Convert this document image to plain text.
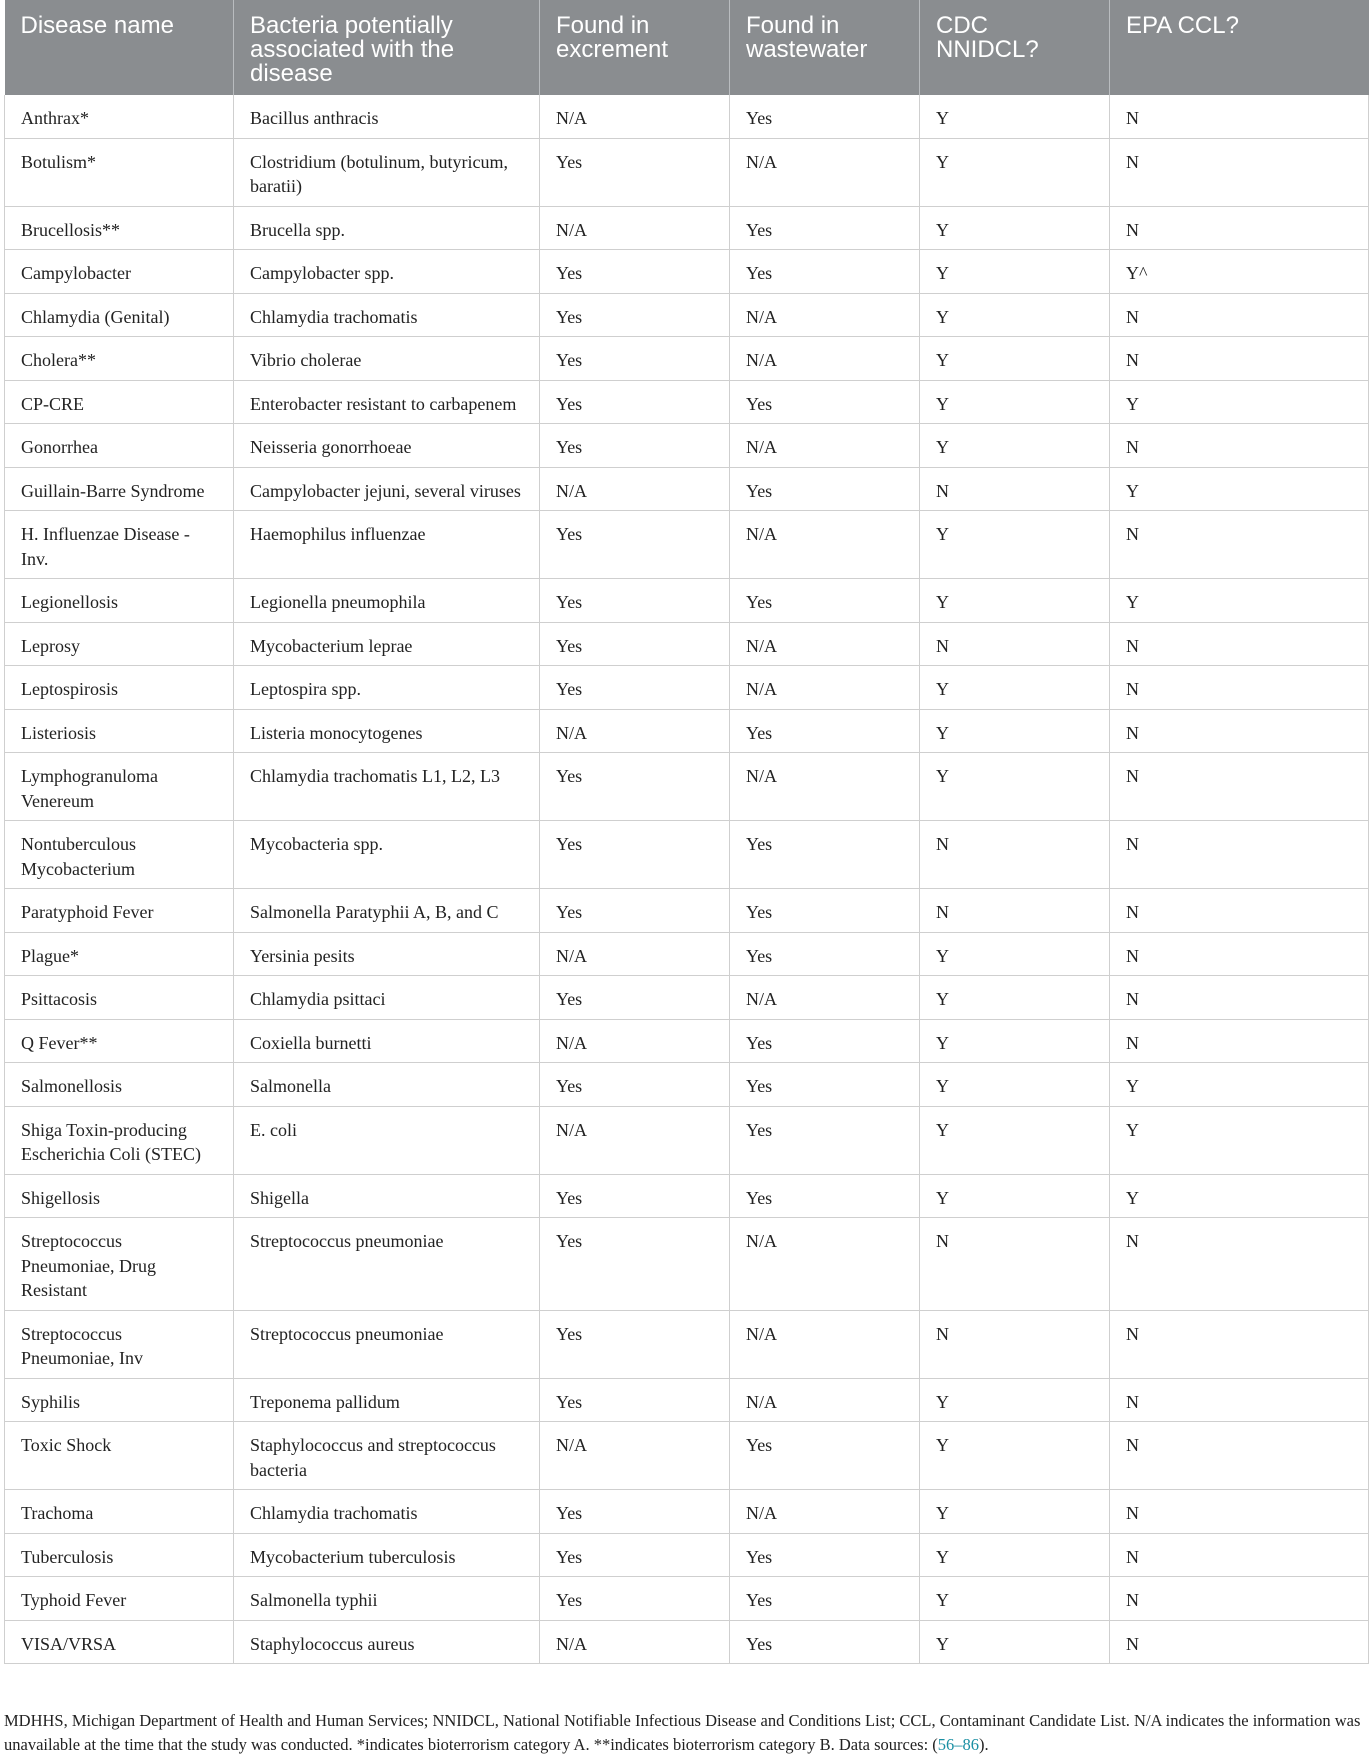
Disease name	Bacteria potentially associated with the disease	Found in excrement	Found in wastewater	CDC NNIDCL?	EPA CCL?
Anthrax*	Bacillus anthracis	N/A	Yes	Y	N
Botulism*	Clostridium (botulinum, butyricum, baratii)	Yes	N/A	Y	N
Brucellosis**	Brucella spp.	N/A	Yes	Y	N
Campylobacter	Campylobacter spp.	Yes	Yes	Y	Y^
Chlamydia (Genital)	Chlamydia trachomatis	Yes	N/A	Y	N
Cholera**	Vibrio cholerae	Yes	N/A	Y	N
CP-CRE	Enterobacter resistant to carbapenem	Yes	Yes	Y	Y
Gonorrhea	Neisseria gonorrhoeae	Yes	N/A	Y	N
Guillain-Barre Syndrome	Campylobacter jejuni, several viruses	N/A	Yes	N	Y
H. Influenzae Disease - Inv.	Haemophilus influenzae	Yes	N/A	Y	N
Legionellosis	Legionella pneumophila	Yes	Yes	Y	Y
Leprosy	Mycobacterium leprae	Yes	N/A	N	N
Leptospirosis	Leptospira spp.	Yes	N/A	Y	N
Listeriosis	Listeria monocytogenes	N/A	Yes	Y	N
Lymphogranuloma Venereum	Chlamydia trachomatis L1, L2, L3	Yes	N/A	Y	N
Nontuberculous Mycobacterium	Mycobacteria spp.	Yes	Yes	N	N
Paratyphoid Fever	Salmonella Paratyphii A, B, and C	Yes	Yes	N	N
Plague*	Yersinia pesits	N/A	Yes	Y	N
Psittacosis	Chlamydia psittaci	Yes	N/A	Y	N
Q Fever**	Coxiella burnetti	N/A	Yes	Y	N
Salmonellosis	Salmonella	Yes	Yes	Y	Y
Shiga Toxin-producing Escherichia Coli (STEC)	E. coli	N/A	Yes	Y	Y
Shigellosis	Shigella	Yes	Yes	Y	Y
Streptococcus Pneumoniae, Drug Resistant	Streptococcus pneumoniae	Yes	N/A	N	N
Streptococcus Pneumoniae, Inv	Streptococcus pneumoniae	Yes	N/A	N	N
Syphilis	Treponema pallidum	Yes	N/A	Y	N
Toxic Shock	Staphylococcus and streptococcus bacteria	N/A	Yes	Y	N
Trachoma	Chlamydia trachomatis	Yes	N/A	Y	N
Tuberculosis	Mycobacterium tuberculosis	Yes	Yes	Y	N
Typhoid Fever	Salmonella typhii	Yes	Yes	Y	N
VISA/VRSA	Staphylococcus aureus	N/A	Yes	Y	N
MDHHS, Michigan Department of Health and Human Services; NNIDCL, National Notifiable Infectious Disease and Conditions List; CCL, Contaminant Candidate List. N/A indicates the information was unavailable at the time that the study was conducted. *indicates bioterrorism category A. **indicates bioterrorism category B. Data sources: (56–86).
